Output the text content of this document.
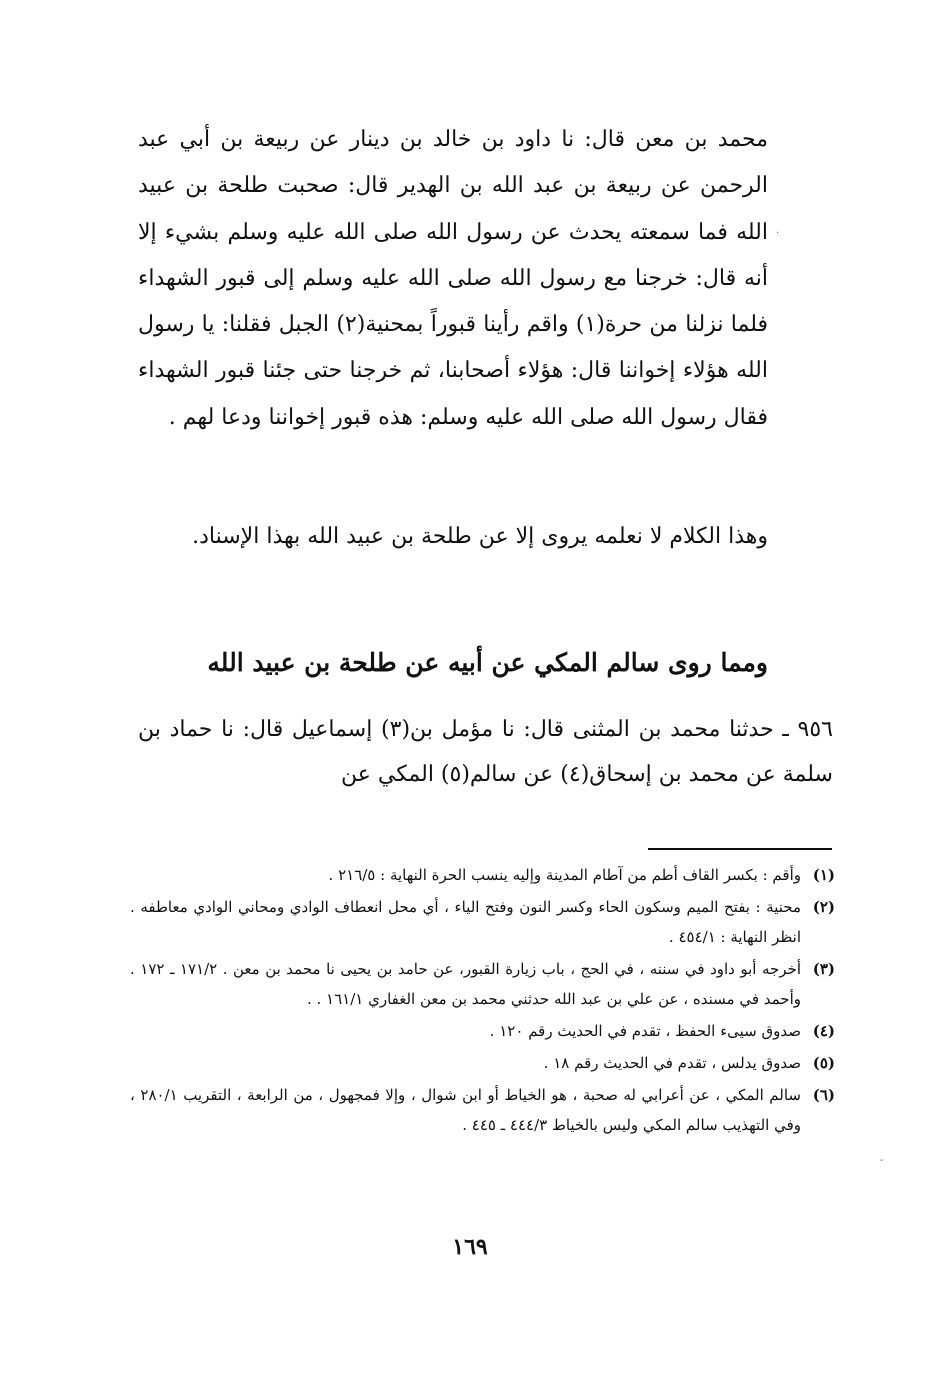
محمد بن معن قال: نا داود بن خالد بن دينار عن ربيعة بن أبي عبد الرحمن عن ربيعة بن عبد الله بن الهدير قال: صحبت طلحة بن عبيد الله فما سمعته يحدث عن رسول الله صلى الله عليه وسلم بشيء إلا أنه قال: خرجنا مع رسول الله صلى الله عليه وسلم إلى قبور الشهداء فلما نزلنا من حرة(١) واقم رأينا قبوراً بمحنية(٢) الجبل فقلنا: يا رسول الله هؤلاء إخواننا قال: هؤلاء أصحابنا، ثم خرجنا حتى جئنا قبور الشهداء فقال رسول الله صلى الله عليه وسلم: هذه قبور إخواننا ودعا لهم .

وهذا الكلام لا نعلمه يروى إلا عن طلحة بن عبيد الله بهذا الإسناد.

ومما روى سالم المكي عن أبيه عن طلحة بن عبيد الله

٩٥٦ ـ حدثنا محمد بن المثنى قال: نا مؤمل بن(٣) إسماعيل قال: نا حماد بن سلمة عن محمد بن إسحاق(٤) عن سالم(٥) المكي عن

(١)وأقم : بكسر القاف أطم من آطام المدينة وإليه ينسب الحرة النهاية : ٢١٦/٥ .
(٢)محنية : بفتح الميم وسكون الحاء وكسر النون وفتح الياء ، أي محل انعطاف الوادي ومحاني الوادي معاطفه . انظر النهاية : ٤٥٤/١ .
(٣)أخرجه أبو داود في سننه ، في الحج ، باب زيارة القبور، عن حامد بن يحيى نا محمد بن معن . ١٧١/٢ ـ ١٧٢ . وأحمد في مسنده ، عن علي بن عبد الله حدثني محمد بن معن الغفاري ١٦١/١ . .
(٤)صدوق سيىء الحفظ ، تقدم في الحديث رقم ١٢٠ .
(٥)صدوق يدلس ، تقدم في الحديث رقم ١٨ .
(٦)سالم المكي ، عن أعرابي له صحبة ، هو الخياط أو ابن شوال ، وإلا فمجهول ، من الرابعة ، التقريب ٢٨٠/١ ، وفي التهذيب سالم المكي وليس بالخياط ٤٤٤/٣ ـ ٤٤٥ .
١٦٩
·
-
